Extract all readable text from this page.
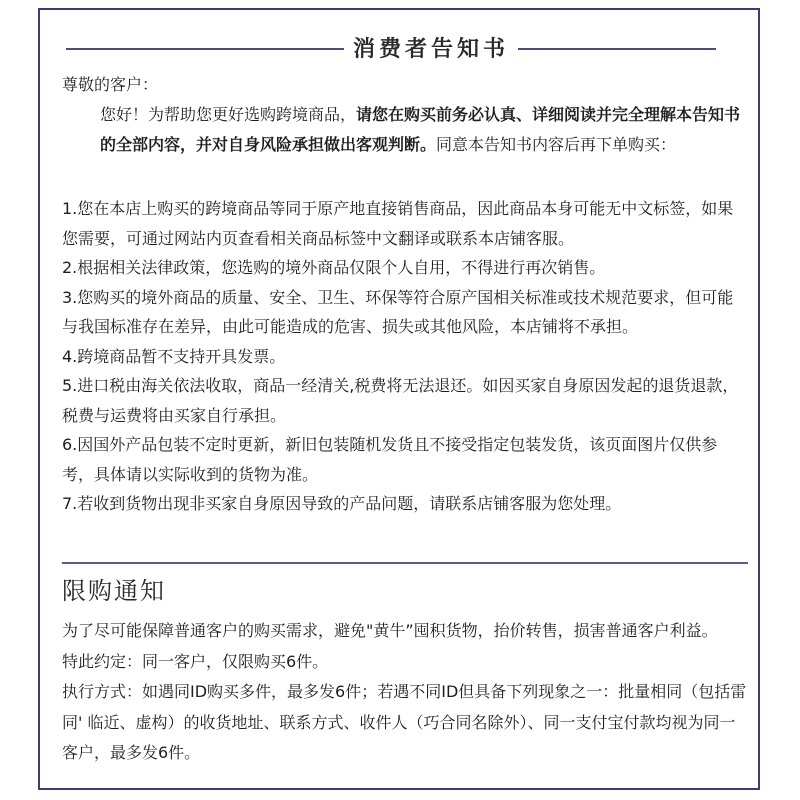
消费者告知书
尊敬的客户：

您好！为帮助您更好选购跨境商品，请您在购买前务必认真、详细阅读并完全理解本告知书的全部内容，并对自身风险承担做出客观判断。同意本告知书内容后再下单购买：

1.您在本店上购买的跨境商品等同于原产地直接销售商品，因此商品本身可能无中文标签，如果您需要，可通过网站内页查看相关商品标签中文翻译或联系本店铺客服。

2.根据相关法律政策，您选购的境外商品仅限个人自用，不得进行再次销售。

3.您购买的境外商品的质量、安全、卫生、环保等符合原产国相关标准或技术规范要求，但可能与我国标准存在差异，由此可能造成的危害、损失或其他风险，本店铺将不承担。

4.跨境商品暂不支持开具发票。

5.进口税由海关依法收取，商品一经清关,税费将无法退还。如因买家自身原因发起的退货退款，税费与运费将由买家自行承担。

6.因国外产品包装不定时更新，新旧包装随机发货且不接受指定包装发货，该页面图片仅供参考，具体请以实际收到的货物为准。

7.若收到货物出现非买家自身原因导致的产品问题，请联系店铺客服为您处理。

限购通知

为了尽可能保障普通客户的购买需求，避免"黄牛”囤积货物，抬价转售，损害普通客户利益。

特此约定：同一客户，仅限购买6件。

执行方式：如遇同ID购买多件，最多发6件；若遇不同ID但具备下列现象之一：批量相同（包括雷同' 临近、虚构）的收货地址、联系方式、收件人（巧合同名除外）、同一支付宝付款均视为同一客户，最多发6件。
